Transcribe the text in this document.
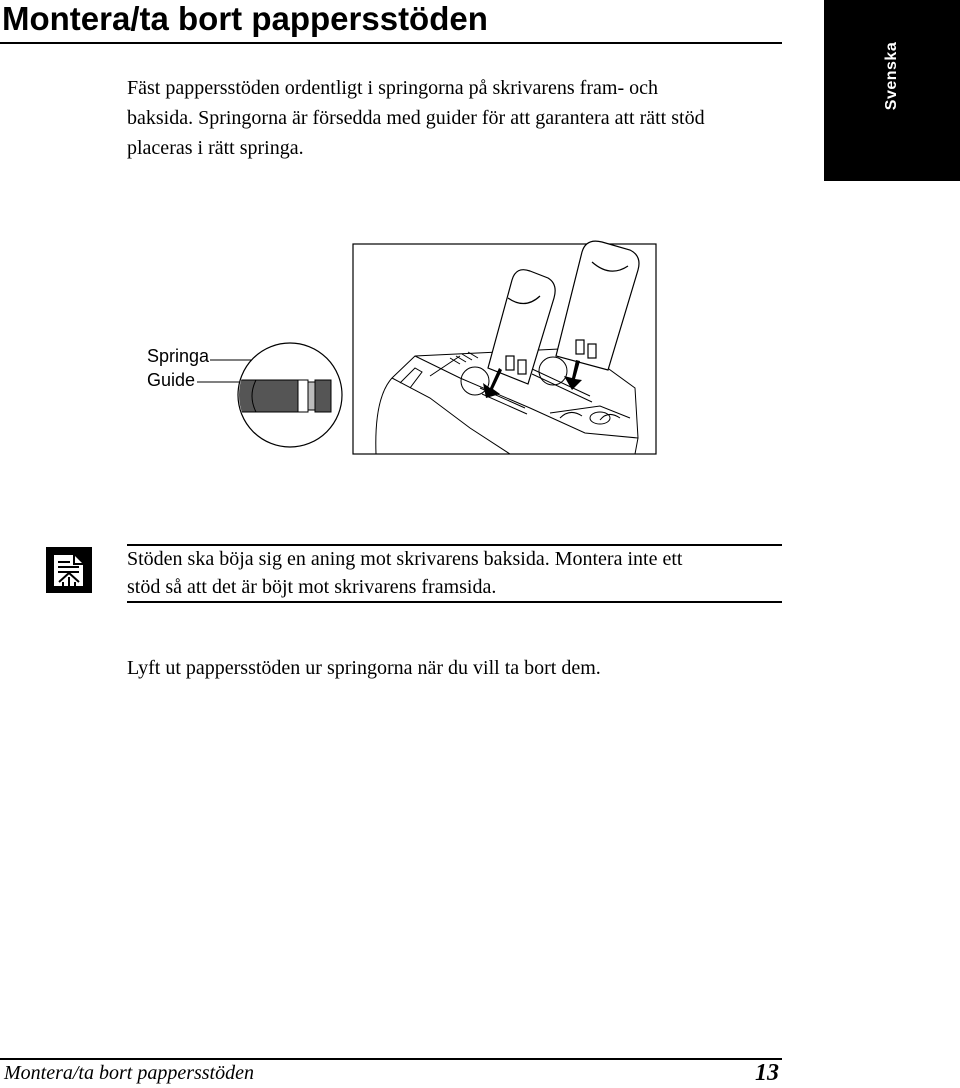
Montera/ta bort pappersstöden
Svenska
Fäst pappersstöden ordentligt i springorna på skrivarens fram- och
baksida. Springorna är försedda med guider för att garantera att rätt stöd
placeras i rätt springa.
Springa
Guide
Stöden ska böja sig en aning mot skrivarens baksida. Montera inte ett
stöd så att det är böjt mot skrivarens framsida.
Lyft ut pappersstöden ur springorna när du vill ta bort dem.
Montera/ta bort pappersstöden	13
